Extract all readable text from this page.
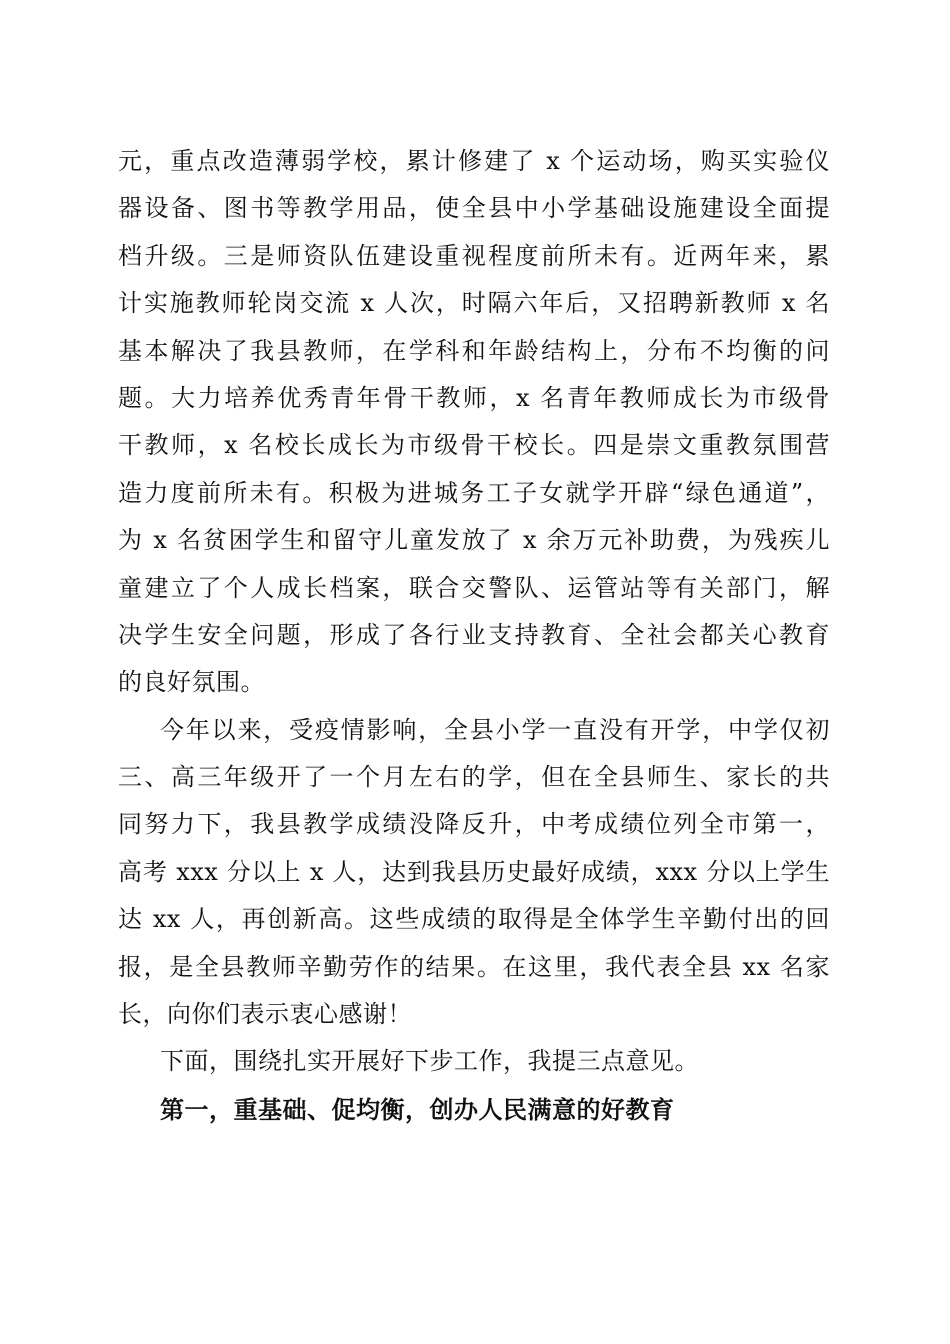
元，重点改造薄弱学校，累计修建了 x 个运动场，购买实验仪
器设备、图书等教学用品，使全县中小学基础设施建设全面提
档升级。三是师资队伍建设重视程度前所未有。近两年来，累
计实施教师轮岗交流 x 人次，时隔六年后，又招聘新教师 x 名
基本解决了我县教师，在学科和年龄结构上，分布不均衡的问
题。大力培养优秀青年骨干教师，x 名青年教师成长为市级骨
干教师，x 名校长成长为市级骨干校长。四是崇文重教氛围营
造力度前所未有。积极为进城务工子女就学开辟“绿色通道”，
为 x 名贫困学生和留守儿童发放了 x 余万元补助费，为残疾儿
童建立了个人成长档案，联合交警队、运管站等有关部门，解
决学生安全问题，形成了各行业支持教育、全社会都关心教育
的良好氛围。
今年以来，受疫情影响，全县小学一直没有开学，中学仅初
三、高三年级开了一个月左右的学，但在全县师生、家长的共
同努力下，我县教学成绩没降反升，中考成绩位列全市第一，
高考 xxx 分以上 x 人，达到我县历史最好成绩，xxx 分以上学生
达 xx 人，再创新高。这些成绩的取得是全体学生辛勤付出的回
报，是全县教师辛勤劳作的结果。在这里，我代表全县 xx 名家
长，向你们表示衷心感谢！
下面，围绕扎实开展好下步工作，我提三点意见。
第一，重基础、促均衡，创办人民满意的好教育
